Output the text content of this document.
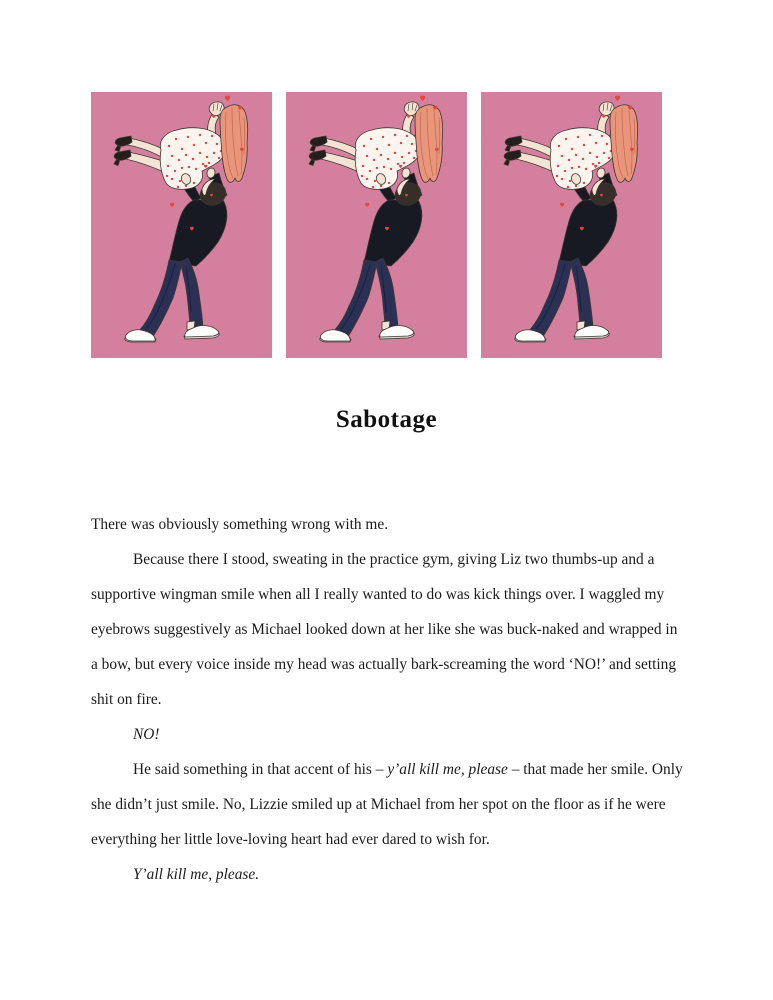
Sabotage

There was obviously something wrong with me.

Because there I stood, sweating in the practice gym, giving Liz two thumbs-up and a supportive wingman smile when all I really wanted to do was kick things over. I waggled my eyebrows suggestively as Michael looked down at her like she was buck-naked and wrapped in a bow, but every voice inside my head was actually bark-screaming the word ‘NO!’ and setting shit on fire.

NO!

He said something in that accent of his – y’all kill me, please – that made her smile. Only she didn’t just smile. No, Lizzie smiled up at Michael from her spot on the floor as if he were everything her little love-loving heart had ever dared to wish for.

Y’all kill me, please.
